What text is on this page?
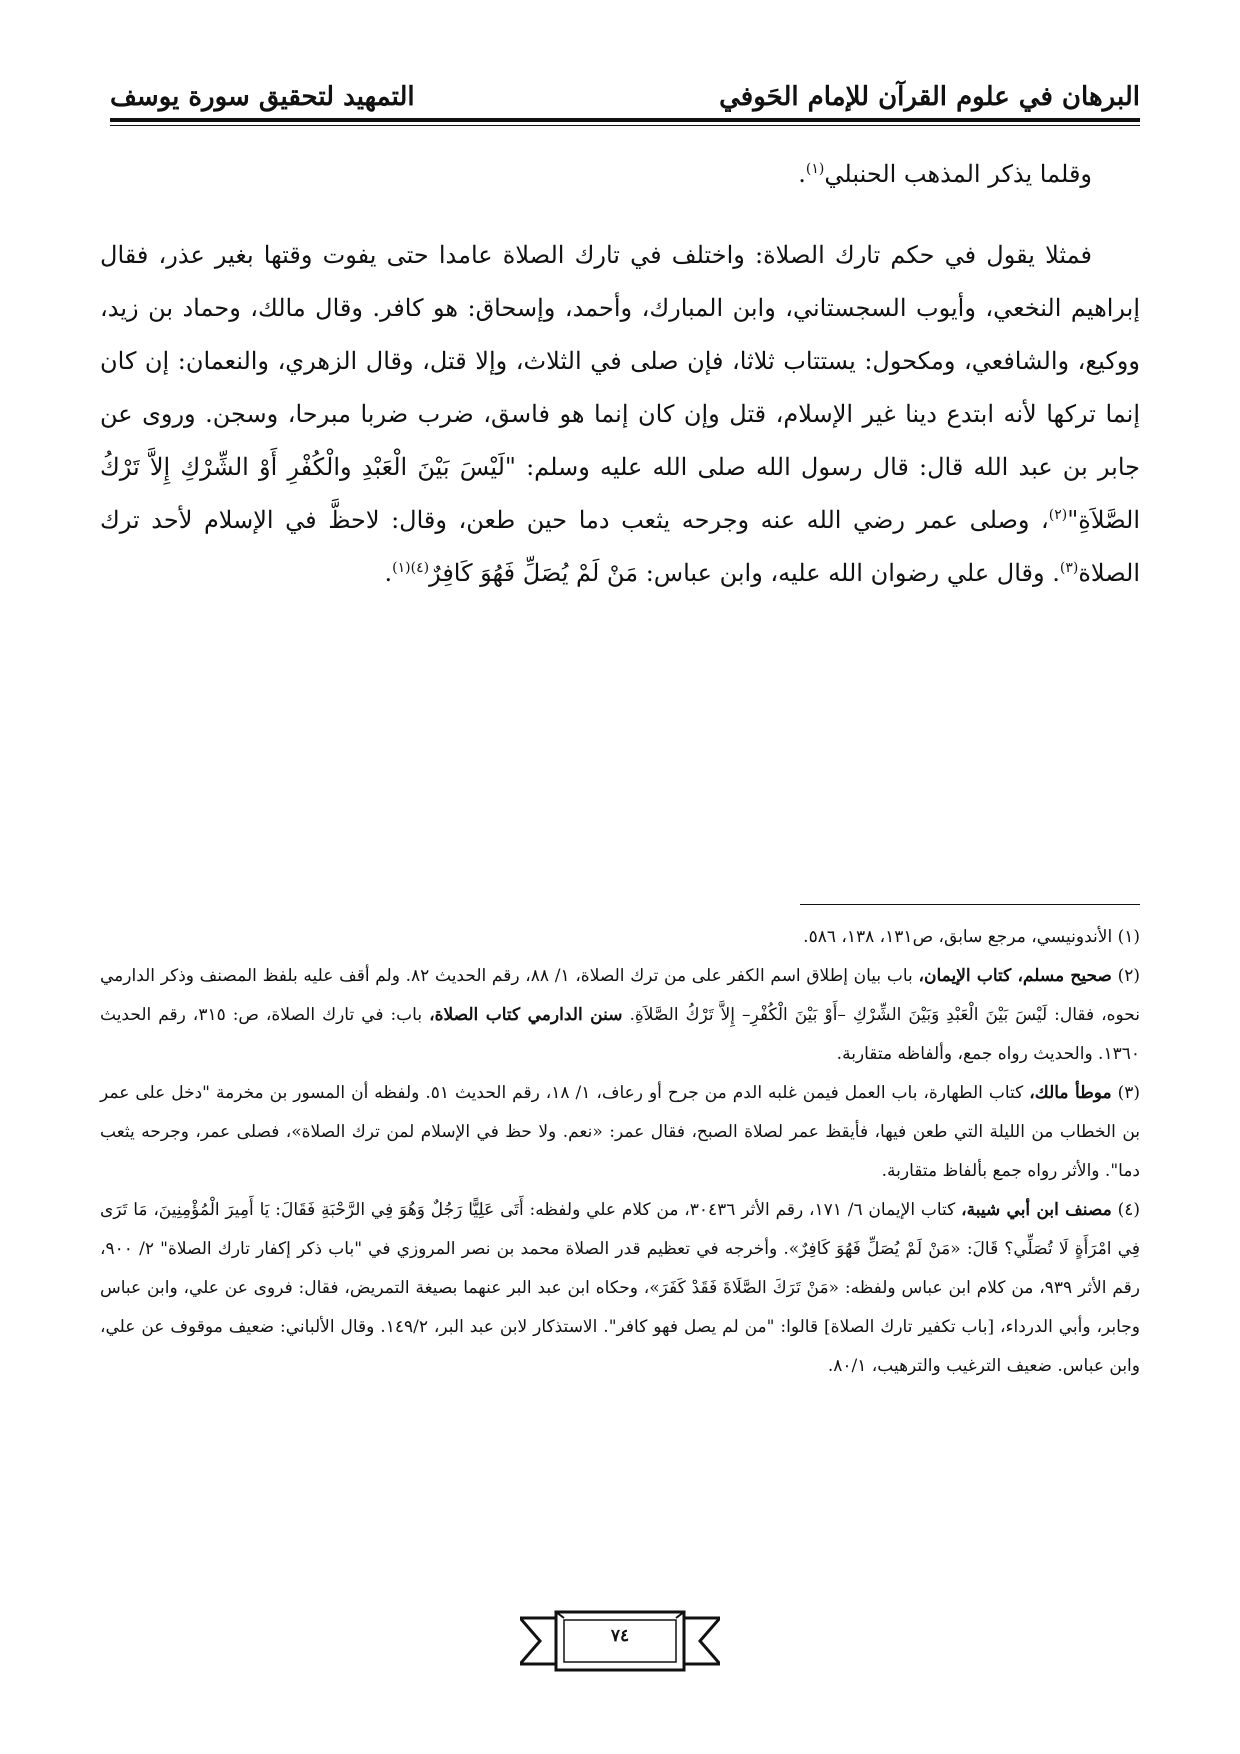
البرهان في علوم القرآن للإمام الحَوفي
التمهيد لتحقيق سورة يوسف

وقلما يذكر المذهب الحنبلي$^{(١)}$.

فمثلا يقول في حكم تارك الصلاة: واختلف في تارك الصلاة عامدا حتى يفوت وقتها بغير عذر، فقال إبراهيم النخعي، وأيوب السجستاني، وابن المبارك، وأحمد، وإسحاق: هو كافر. وقال مالك، وحماد بن زيد، ووكيع، والشافعي، ومكحول: يستتاب ثلاثا، فإن صلى في الثلاث، وإلا قتل، وقال الزهري، والنعمان: إن كان إنما تركها لأنه ابتدع دينا غير الإسلام، قتل وإن كان إنما هو فاسق، ضرب ضربا مبرحا، وسجن. وروى عن جابر بن عبد الله قال: قال رسول الله صلى الله عليه وسلم: "لَيْسَ بَيْنَ الْعَبْدِ والْكُفْرِ أَوْ الشِّرْكِ إِلاَّ تَرْكُ الصَّلاَةِ"$^{(٢)}$، وصلى عمر رضي الله عنه وجرحه يثعب دما حين طعن، وقال: لاحظَّ في الإسلام لأحد ترك الصلاة$^{(٣)}$. وقال علي رضوان الله عليه، وابن عباس: مَنْ لَمْ يُصَلِّ فَهُوَ كَافِرٌ$^{(٤)(١)}$.

(١) الأندونيسي، مرجع سابق، ص١٣١، ١٣٨، ٥٨٦.

(٢) صحيح مسلم، كتاب الإيمان، باب بيان إطلاق اسم الكفر على من ترك الصلاة، ١/ ٨٨، رقم الحديث ٨٢. ولم أقف عليه بلفظ المصنف وذكر الدارمي نحوه، فقال: لَيْسَ بَيْنَ الْعَبْدِ وَبَيْنَ الشِّرْكِ –أَوْ بَيْنَ الْكُفْرِ– إِلاَّ تَرْكُ الصَّلاَةِ. سنن الدارمي كتاب الصلاة، باب: في تارك الصلاة، ص: ٣١٥، رقم الحديث ١٣٦٠. والحديث رواه جمع، وألفاظه متقاربة.

(٣) موطأ مالك، كتاب الطهارة، باب العمل فيمن غلبه الدم من جرح أو رعاف، ١/ ١٨، رقم الحديث ٥١. ولفظه أن المسور بن مخرمة "دخل على عمر بن الخطاب من الليلة التي طعن فيها، فأيقظ عمر لصلاة الصبح، فقال عمر: «نعم. ولا حظ في الإسلام لمن ترك الصلاة»، فصلى عمر، وجرحه يثعب دما". والأثر رواه جمع بألفاظ متقاربة.

(٤) مصنف ابن أبي شيبة، كتاب الإيمان ٦/ ١٧١، رقم الأثر ٣٠٤٣٦، من كلام علي ولفظه: أَتَى عَلِيًّا رَجُلٌ وَهُوَ فِي الرَّحْبَةِ فَقَالَ: يَا أَمِيرَ الْمُؤْمِنِينَ، مَا تَرَى فِي امْرَأَةٍ لَا تُصَلِّي؟ قَالَ: «مَنْ لَمْ يُصَلِّ فَهُوَ كَافِرٌ». وأخرجه في تعظيم قدر الصلاة محمد بن نصر المروزي في "باب ذكر إكفار تارك الصلاة" ٢/ ٩٠٠، رقم الأثر ٩٣٩، من كلام ابن عباس ولفظه: «مَنْ تَرَكَ الصَّلَاةَ فَقَدْ كَفَرَ»، وحكاه ابن عبد البر عنهما بصيغة التمريض، فقال: فروى عن علي، وابن عباس وجابر، وأبي الدرداء، [باب تكفير تارك الصلاة] قالوا: "من لم يصل فهو كافر". الاستذكار لابن عبد البر، ١٤٩/٢. وقال الألباني: ضعيف موقوف عن علي، وابن عباس. ضعيف الترغيب والترهيب، ٨٠/١.

٧٤
